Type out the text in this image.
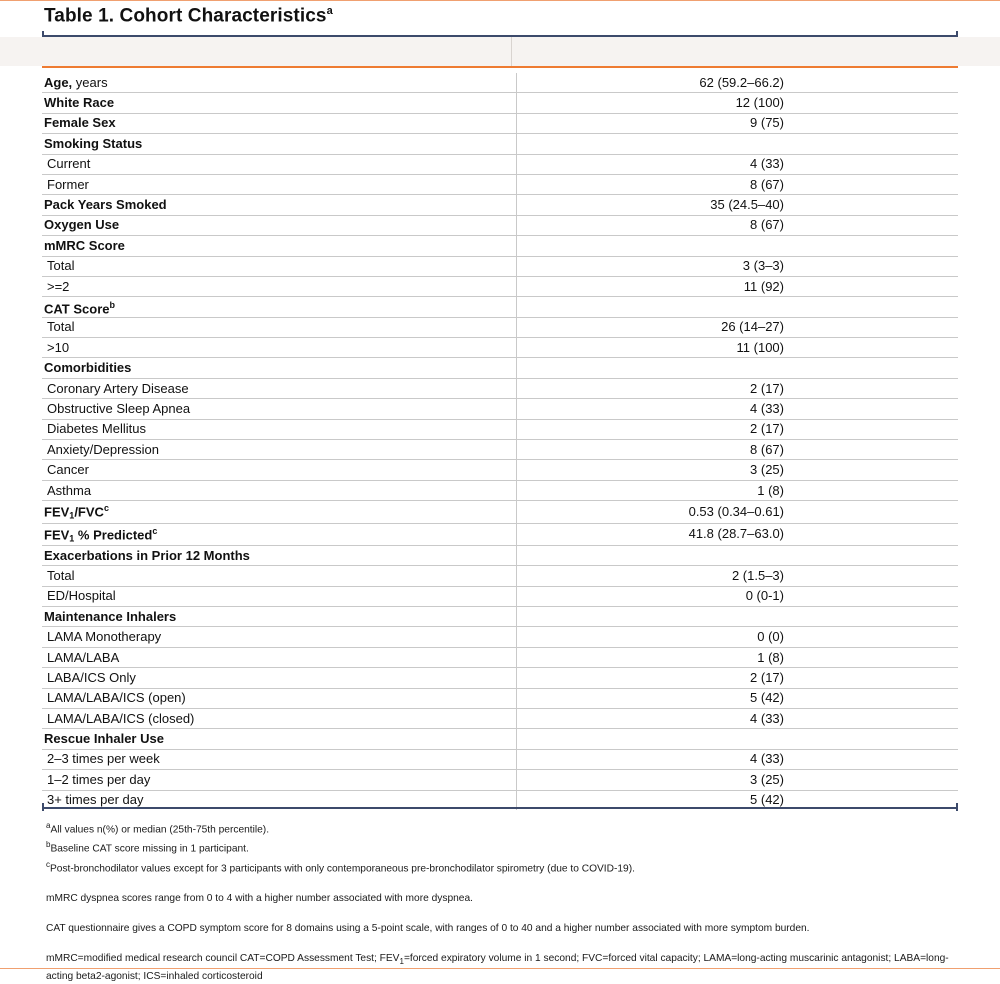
Table 1. Cohort Characteristics$^a$
Age, years	62 (59.2–66.2)
White Race	12 (100)
Female Sex	9 (75)
Smoking Status	
Current	4 (33)
Former	8 (67)
Pack Years Smoked	35 (24.5–40)
Oxygen Use	8 (67)
mMRC Score	
Total	3 (3–3)
>=2	11 (92)
CAT Score$^b$	
Total	26 (14–27)
>10	11 (100)
Comorbidities	
Coronary Artery Disease	2 (17)
Obstructive Sleep Apnea	4 (33)
Diabetes Mellitus	2 (17)
Anxiety/Depression	8 (67)
Cancer	3 (25)
Asthma	1 (8)
$FEV_1/FVC^c$	0.53 (0.34–0.61)
$FEV_1$ % Predicted$^c$	41.8 (28.7–63.0)
Exacerbations in Prior 12 Months	
Total	2 (1.5–3)
ED/Hospital	0 (0-1)
Maintenance Inhalers	
LAMA Monotherapy	0 (0)
LAMA/LABA	1 (8)
LABA/ICS Only	2 (17)
LAMA/LABA/ICS (open)	5 (42)
LAMA/LABA/ICS (closed)	4 (33)
Rescue Inhaler Use	
2–3 times per week	4 (33)
1–2 times per day	3 (25)
3+ times per day	5 (42)

$^a$All values n(%) or median (25th-75th percentile).

$^b$Baseline CAT score missing in 1 participant.

$^c$Post-bronchodilator values except for 3 participants with only contemporaneous pre-bronchodilator spirometry (due to COVID-19).

mMRC dyspnea scores range from 0 to 4 with a higher number associated with more dyspnea.

CAT questionnaire gives a COPD symptom score for 8 domains using a 5-point scale, with ranges of 0 to 40 and a higher number associated with more symptom burden.

mMRC=modified medical research council CAT=COPD Assessment Test; $FEV_1=forced$ expiratory volume in 1 second; FVC=forced vital capacity; LAMA=long-acting muscarinic antagonist; LABA=long-acting beta2-agonist; ICS=inhaled corticosteroid
